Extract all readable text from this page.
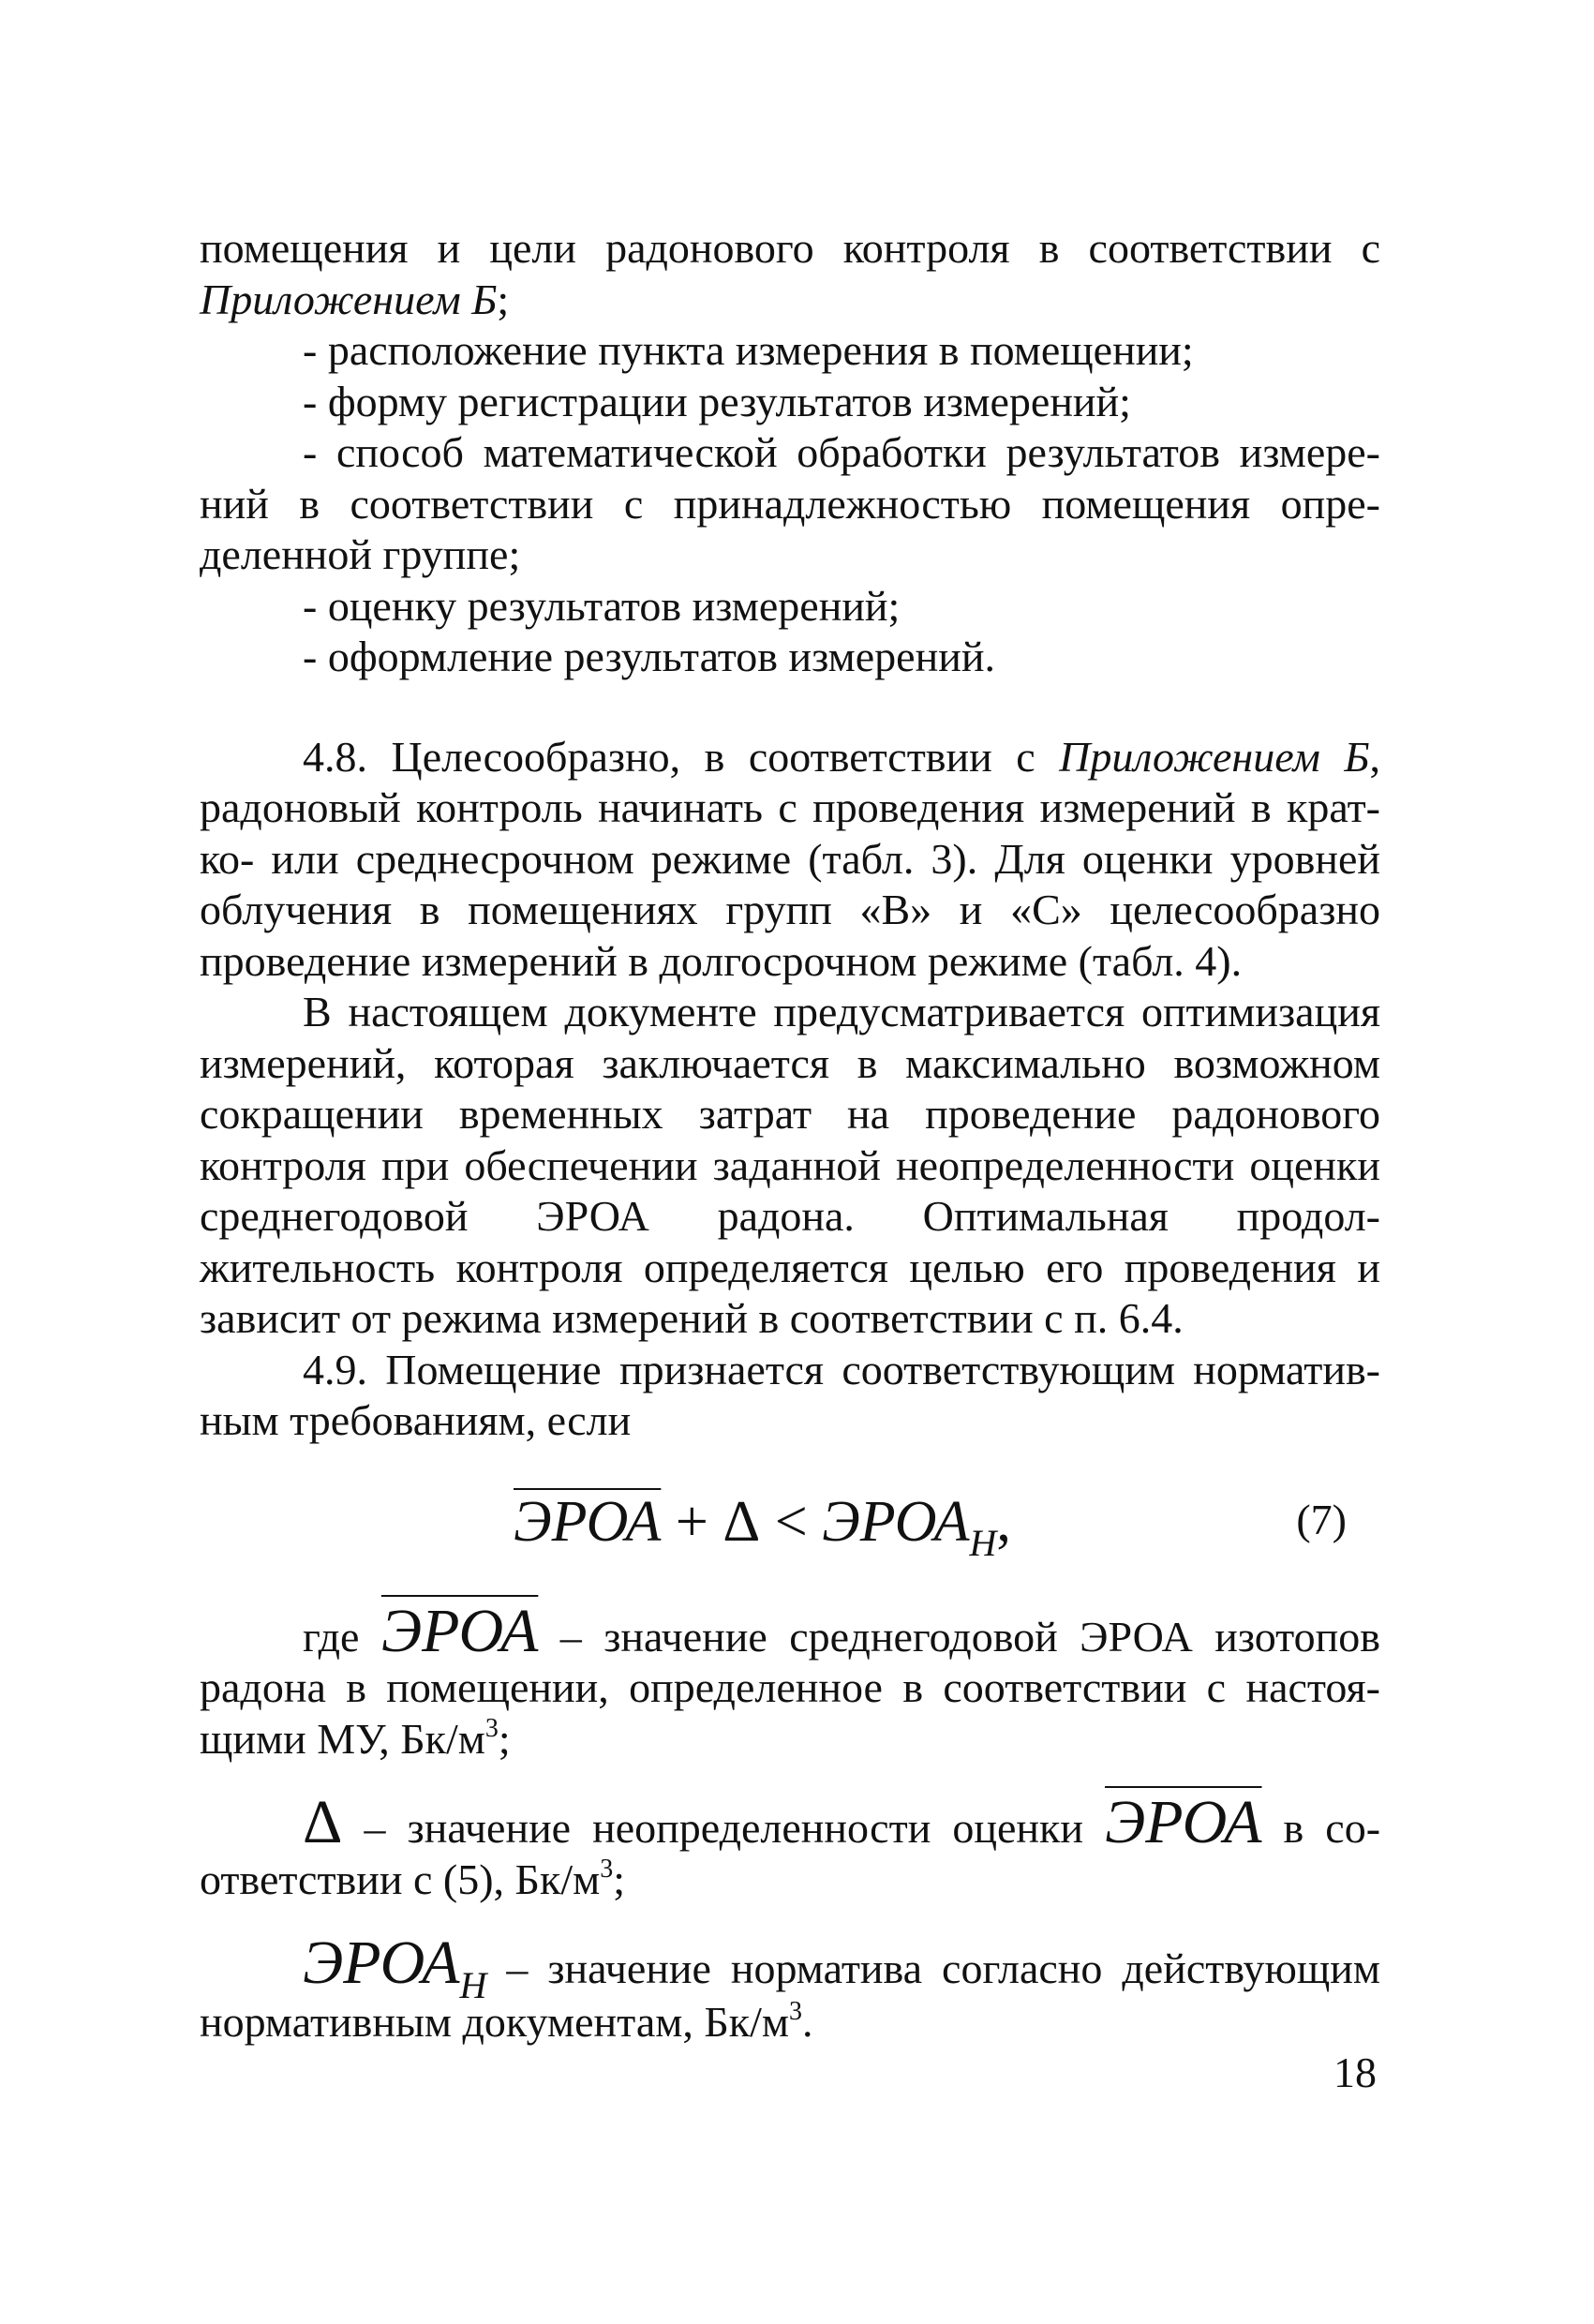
помещения и цели радонового контроля в соответствии с Приложением Б;

- расположение пункта измерения в помещении;

- форму регистрации результатов измерений;

- способ математической обработки результатов измере-ний в соответствии с принадлежностью помещения опре-деленной группе;

- оценку результатов измерений;

- оформление результатов измерений.

4.8. Целесообразно, в соответствии с Приложением Б, радоновый контроль начинать с проведения измерений в крат-ко- или среднесрочном режиме (табл. 3). Для оценки уровней облучения в помещениях групп «В» и «С» целесообразно проведение измерений в долгосрочном режиме (табл. 4).

В настоящем документе предусматривается оптимизация измерений, которая заключается в максимально возможном сокращении временных затрат на проведение радонового контроля при обеспечении заданной неопределенности оценки среднегодовой ЭРОА радона. Оптимальная продол-жительность контроля определяется целью его проведения и зависит от режима измерений в соответствии с п. 6.4.

4.9. Помещение признается соответствующим норматив-ным требованиям, если

ЭРОА + $\Delta < ЭРОА_Н$,	(7)

где ЭРОА – значение среднегодовой ЭРОА изотопов радона в помещении, определенное в соответствии с настоя-щими МУ, $Бк/м^3$;

Δ – значение неопределенности оценки ЭРОА в со-ответствии с (5), $Бк/м^3$;

ЭРОАН – значение норматива согласно действующим нормативным документам, $Бк/м^3$.

18
